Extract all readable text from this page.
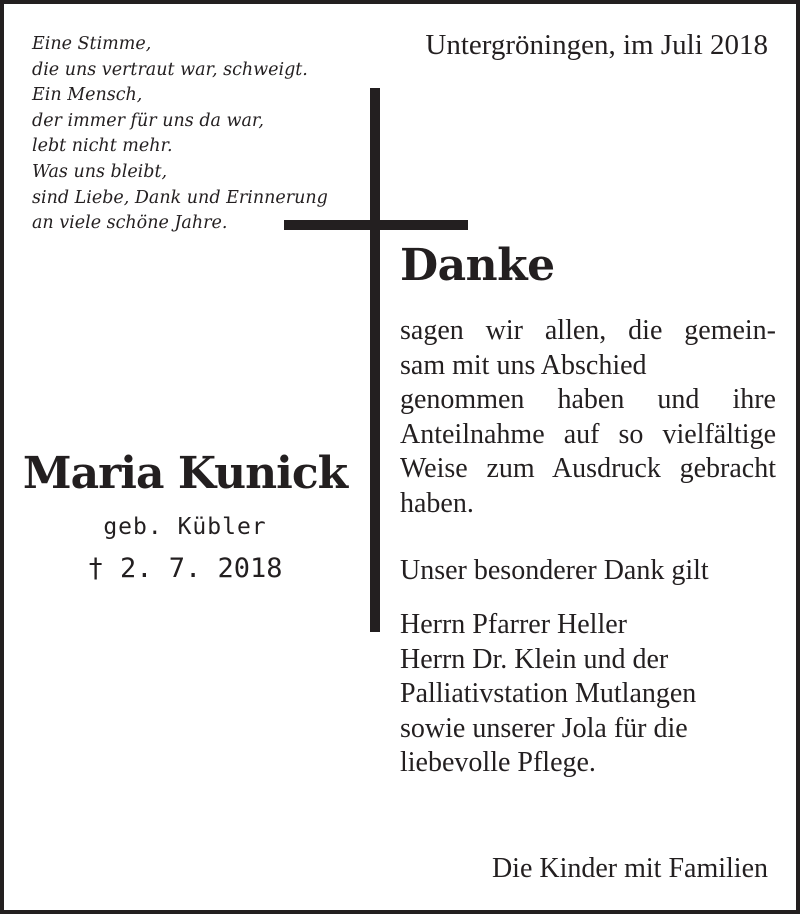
Eine Stimme,
die uns vertraut war, schweigt.
Ein Mensch,
der immer für uns da war,
lebt nicht mehr.
Was uns bleibt,
sind Liebe, Dank und Erinnerung
an viele schöne Jahre.
Untergröningen, im Juli 2018
Danke
sagen wir allen, die gemein-
sam mit uns Abschied
genommen haben und ihre
Anteilnahme auf so vielfältige
Weise zum Ausdruck gebracht
haben.
Unser besonderer Dank gilt
Herrn Pfarrer Heller
Herrn Dr. Klein und der
Palliativstation Mutlangen
sowie unserer Jola für die
liebevolle Pflege.
Maria Kunick
geb. Kübler
† 2. 7. 2018
Die Kinder mit Familien
